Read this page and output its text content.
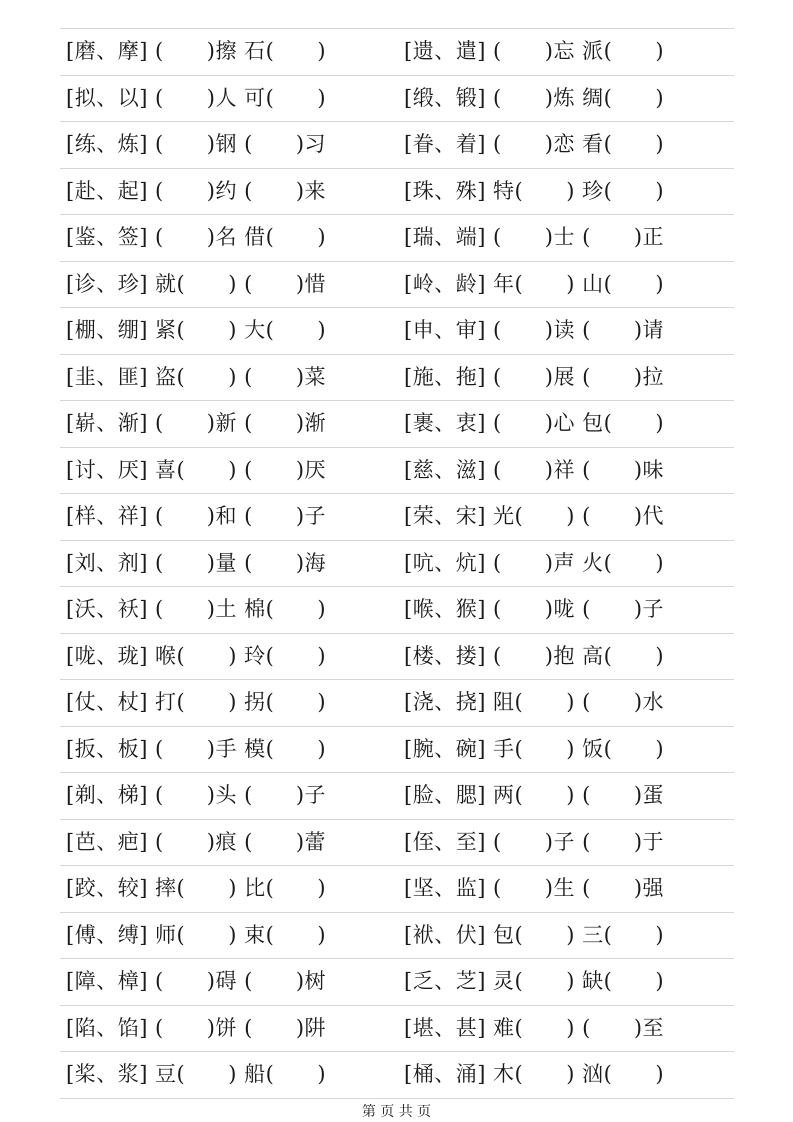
[磨、摩] (　　)擦 石(　　)	[遗、遣] (　　)忘 派(　　)
[拟、以] (　　)人 可(　　)	[缎、锻] (　　)炼 绸(　　)
[练、炼] (　　)钢 (　　)习	[眷、着] (　　)恋 看(　　)
[赴、起] (　　)约 (　　)来	[珠、殊] 特(　　) 珍(　　)
[鉴、签] (　　)名 借(　　)	[瑞、端] (　　)士 (　　)正
[诊、珍] 就(　　) (　　)惜	[岭、龄] 年(　　) 山(　　)
[棚、绷] 紧(　　) 大(　　)	[申、审] (　　)读 (　　)请
[韭、匪] 盗(　　) (　　)菜	[施、拖] (　　)展 (　　)拉
[崭、渐] (　　)新 (　　)渐	[裹、衷] (　　)心 包(　　)
[讨、厌] 喜(　　) (　　)厌	[慈、滋] (　　)祥 (　　)味
[样、祥] (　　)和 (　　)子	[荣、宋] 光(　　) (　　)代
[刘、剂] (　　)量 (　　)海	[吭、炕] (　　)声 火(　　)
[沃、袄] (　　)土 棉(　　)	[喉、猴] (　　)咙 (　　)子
[咙、珑] 喉(　　) 玲(　　)	[楼、搂] (　　)抱 高(　　)
[仗、杖] 打(　　) 拐(　　)	[浇、挠] 阻(　　) (　　)水
[扳、板] (　　)手 模(　　)	[腕、碗] 手(　　) 饭(　　)
[剃、梯] (　　)头 (　　)子	[脸、腮] 两(　　) (　　)蛋
[芭、疤] (　　)痕 (　　)蕾	[侄、至] (　　)子 (　　)于
[跤、较] 摔(　　) 比(　　)	[坚、监] (　　)生 (　　)强
[傅、缚] 师(　　) 束(　　)	[袱、伏] 包(　　) 三(　　)
[障、樟] (　　)碍 (　　)树	[乏、芝] 灵(　　) 缺(　　)
[陷、馅] (　　)饼 (　　)阱	[堪、甚] 难(　　) (　　)至
[桨、浆] 豆(　　) 船(　　)	[桶、涌] 木(　　) 汹(　　)
第 页 共 页
